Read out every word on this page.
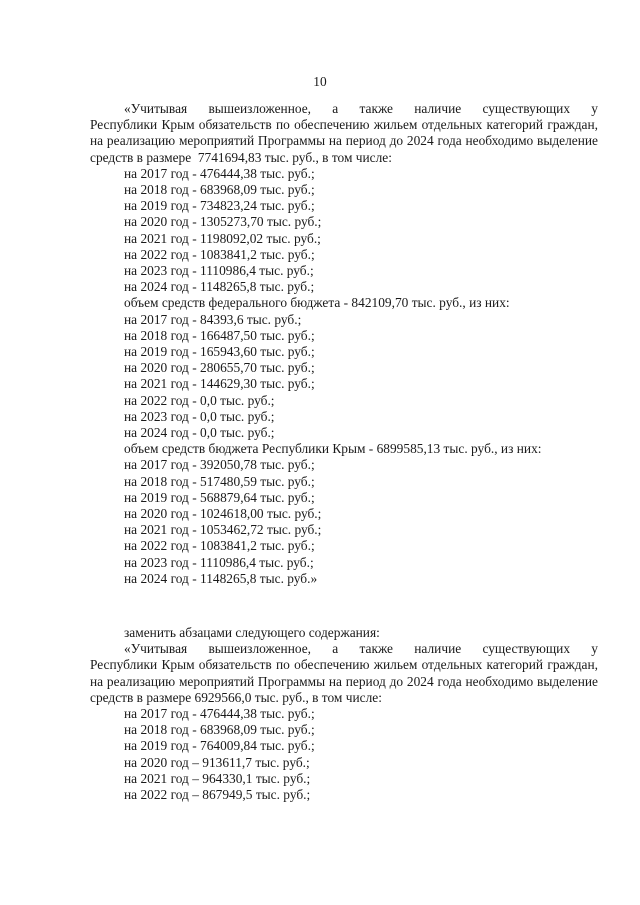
10
«Учитывая вышеизложенное, а также наличие существующих у
Республики Крым обязательств по обеспечению жильем отдельных категорий граждан, на реализацию мероприятий Программы на период до 2024 года необходимо выделение средств в размере  7741694,83 тыс. руб., в том числе:
на 2017 год - 476444,38 тыс. руб.;
на 2018 год - 683968,09 тыс. руб.;
на 2019 год - 734823,24 тыс. руб.;
на 2020 год - 1305273,70 тыс. руб.;
на 2021 год - 1198092,02 тыс. руб.;
на 2022 год - 1083841,2 тыс. руб.;
на 2023 год - 1110986,4 тыс. руб.;
на 2024 год - 1148265,8 тыс. руб.;
объем средств федерального бюджета - 842109,70 тыс. руб., из них:
на 2017 год - 84393,6 тыс. руб.;
на 2018 год - 166487,50 тыс. руб.;
на 2019 год - 165943,60 тыс. руб.;
на 2020 год - 280655,70 тыс. руб.;
на 2021 год - 144629,30 тыс. руб.;
на 2022 год - 0,0 тыс. руб.;
на 2023 год - 0,0 тыс. руб.;
на 2024 год - 0,0 тыс. руб.;
объем средств бюджета Республики Крым - 6899585,13 тыс. руб., из них:
на 2017 год - 392050,78 тыс. руб.;
на 2018 год - 517480,59 тыс. руб.;
на 2019 год - 568879,64 тыс. руб.;
на 2020 год - 1024618,00 тыс. руб.;
на 2021 год - 1053462,72 тыс. руб.;
на 2022 год - 1083841,2 тыс. руб.;
на 2023 год - 1110986,4 тыс. руб.;
на 2024 год - 1148265,8 тыс. руб.»
заменить абзацами следующего содержания:
«Учитывая вышеизложенное, а также наличие существующих у
Республики Крым обязательств по обеспечению жильем отдельных категорий граждан, на реализацию мероприятий Программы на период до 2024 года необходимо выделение средств в размере 6929566,0 тыс. руб., в том числе:
на 2017 год - 476444,38 тыс. руб.;
на 2018 год - 683968,09 тыс. руб.;
на 2019 год - 764009,84 тыс. руб.;
на 2020 год – 913611,7 тыс. руб.;
на 2021 год – 964330,1 тыс. руб.;
на 2022 год – 867949,5 тыс. руб.;
